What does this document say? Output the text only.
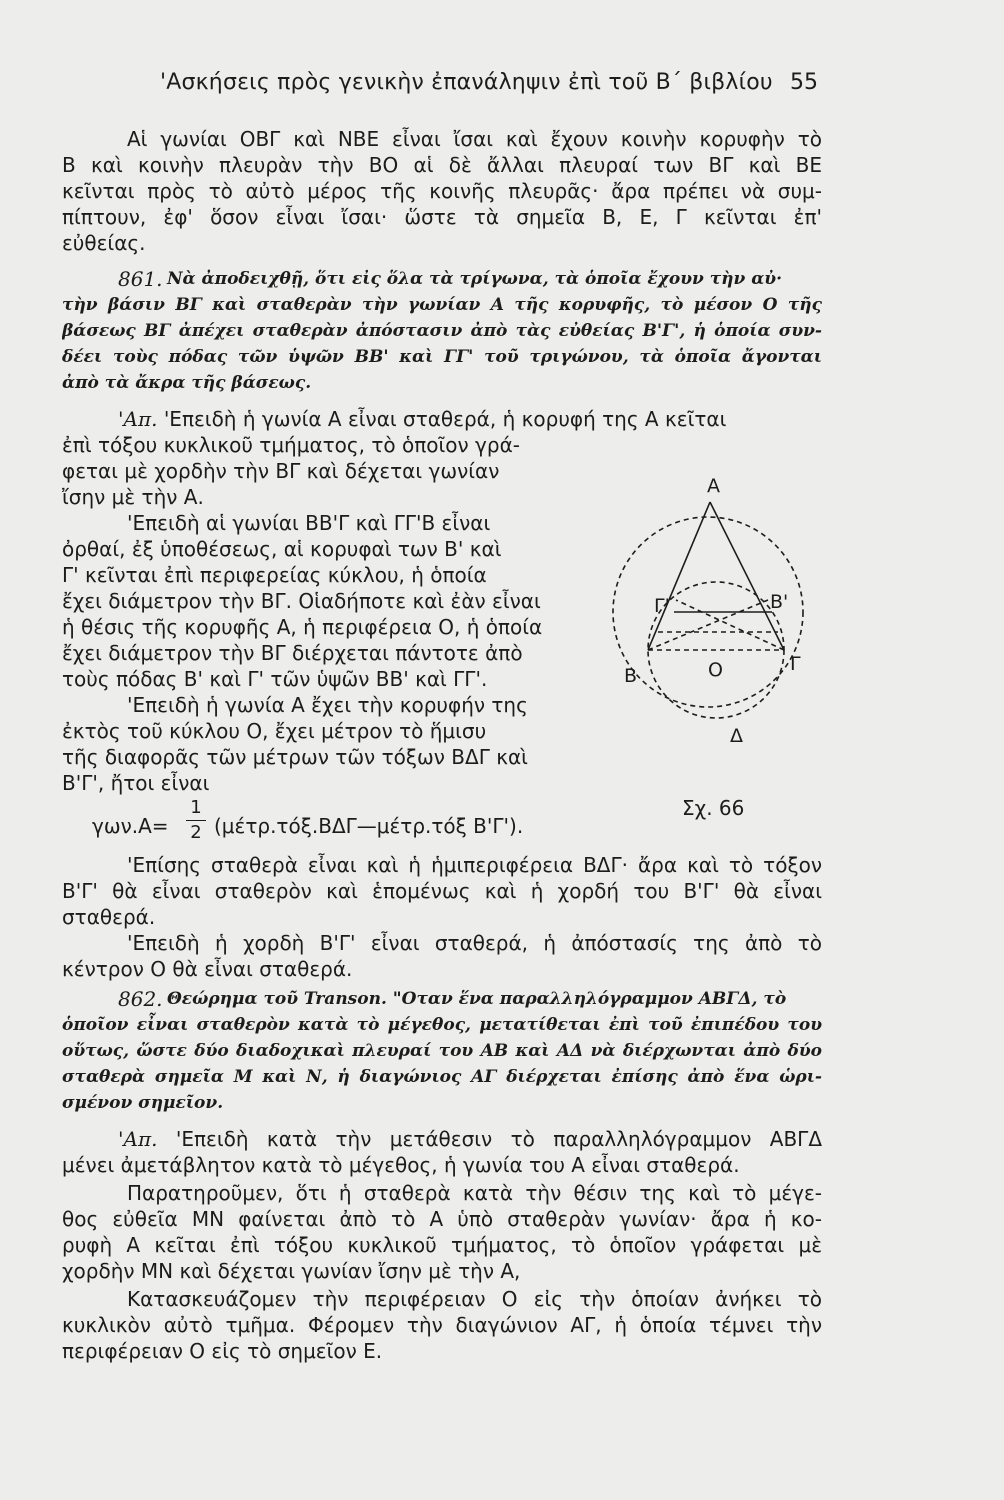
'Ασκήσεις πρὸς γενικὴν ἐπανάληψιν ἐπὶ τοῦ Β΄ βιβλίου 55
Αἱ γωνίαι ΟΒΓ καὶ ΝΒΕ εἶναι ἴσαι καὶ ἔχουν κοινὴν κορυφὴν τὸ
Β καὶ κοινὴν πλευρὰν τὴν ΒΟ αἱ δὲ ἄλλαι πλευραί των ΒΓ καὶ ΒΕ
κεῖνται πρὸς τὸ αὐτὸ μέρος τῆς κοινῆς πλευρᾶς· ἄρα πρέπει νὰ συμ-
πίπτουν, ἐφ' ὅσον εἶναι ἴσαι· ὥστε τὰ σημεῖα Β, Ε, Γ κεῖνται ἐπ'
εὐθείας.
861. Νὰ ἀποδειχθῇ, ὅτι εἰς ὅλα τὰ τρίγωνα, τὰ ὁποῖα ἔχουν τὴν αὐ·
τὴν βάσιν ΒΓ καὶ σταθερὰν τὴν γωνίαν Α τῆς κορυφῆς, τὸ μέσον Ο τῆς
βάσεως ΒΓ ἀπέχει σταθερὰν ἀπόστασιν ἀπὸ τὰς εὐθείας Β'Γ', ἡ ὁποία συν-
δέει τοὺς πόδας τῶν ὑψῶν ΒΒ' καὶ ΓΓ' τοῦ τριγώνου, τὰ ὁποῖα ἄγονται
ἀπὸ τὰ ἄκρα τῆς βάσεως.
'Απ. 'Επειδὴ ἡ γωνία Α εἶναι σταθερά, ἡ κορυφή της Α κεῖται
ἐπὶ τόξου κυκλικοῦ τμήματος, τὸ ὁποῖον γρά-
φεται μὲ χορδὴν τὴν ΒΓ καὶ δέχεται γωνίαν
ἴσην μὲ τὴν Α.
'Επειδὴ αἱ γωνίαι ΒΒ'Γ καὶ ΓΓ'Β εἶναι
ὀρθαί, ἐξ ὑποθέσεως, αἱ κορυφαὶ των Β' καὶ
Γ' κεῖνται ἐπὶ περιφερείας κύκλου, ἡ ὁποία
ἔχει διάμετρον τὴν ΒΓ. Οἱαδήποτε καὶ ἐὰν εἶναι
ἡ θέσις τῆς κορυφῆς Α, ἡ περιφέρεια Ο, ἡ ὁποία
ἔχει διάμετρον τὴν ΒΓ διέρχεται πάντοτε ἀπὸ
τοὺς πόδας Β' καὶ Γ' τῶν ὑψῶν ΒΒ' καὶ ΓΓ'.
'Επειδὴ ἡ γωνία Α ἔχει τὴν κορυφήν της
ἐκτὸς τοῦ κύκλου Ο, ἔχει μέτρον τὸ ἥμισυ
τῆς διαφορᾶς τῶν μέτρων τῶν τόξων ΒΔΓ καὶ
Β'Γ', ἤτοι εἶναι
γων.Α=
1
2 (μέτρ.τόξ.ΒΔΓ—μέτρ.τόξ Β'Γ').
'Επίσης σταθερὰ εἶναι καὶ ἡ ἡμιπεριφέρεια ΒΔΓ· ἄρα καὶ τὸ τόξον
Β'Γ' θὰ εἶναι σταθερὸν καὶ ἑπομένως καὶ ἡ χορδή του Β'Γ' θὰ εἶναι
σταθερά.
'Επειδὴ ἡ χορδὴ Β'Γ' εἶναι σταθερά, ἡ ἀπόστασίς της ἀπὸ τὸ
κέντρον Ο θὰ εἶναι σταθερά.
Α
Β
Γ
Β'
Γ'
Ο
Δ
Σχ. 66
862. Θεώρημα τοῦ Transon. "Οταν ἕνα παραλληλόγραμμον ΑΒΓΔ, τὸ
ὁποῖον εἶναι σταθερὸν κατὰ τὸ μέγεθος, μετατίθεται ἐπὶ τοῦ ἐπιπέδου του
οὕτως, ὥστε δύο διαδοχικαὶ πλευραί του ΑΒ καὶ ΑΔ νὰ διέρχωνται ἀπὸ δύο
σταθερὰ σημεῖα Μ καὶ Ν, ἡ διαγώνιος ΑΓ διέρχεται ἐπίσης ἀπὸ ἕνα ὡρι-
σμένον σημεῖον.
'Απ. 'Επειδὴ κατὰ τὴν μετάθεσιν τὸ παραλληλόγραμμον ΑΒΓΔ
μένει ἀμετάβλητον κατὰ τὸ μέγεθος, ἡ γωνία του Α εἶναι σταθερά.
Παρατηροῦμεν, ὅτι ἡ σταθερὰ κατὰ τὴν θέσιν της καὶ τὸ μέγε-
θος εὐθεῖα ΜΝ φαίνεται ἀπὸ τὸ Α ὑπὸ σταθερὰν γωνίαν· ἄρα ἡ κο-
ρυφὴ Α κεῖται ἐπὶ τόξου κυκλικοῦ τμήματος, τὸ ὁποῖον γράφεται μὲ
χορδὴν ΜΝ καὶ δέχεται γωνίαν ἴσην μὲ τὴν Α,
Κατασκευάζομεν τὴν περιφέρειαν Ο εἰς τὴν ὁποίαν ἀνήκει τὸ
κυκλικὸν αὐτὸ τμῆμα. Φέρομεν τὴν διαγώνιον ΑΓ, ἡ ὁποία τέμνει τὴν
περιφέρειαν Ο εἰς τὸ σημεῖον Ε.
